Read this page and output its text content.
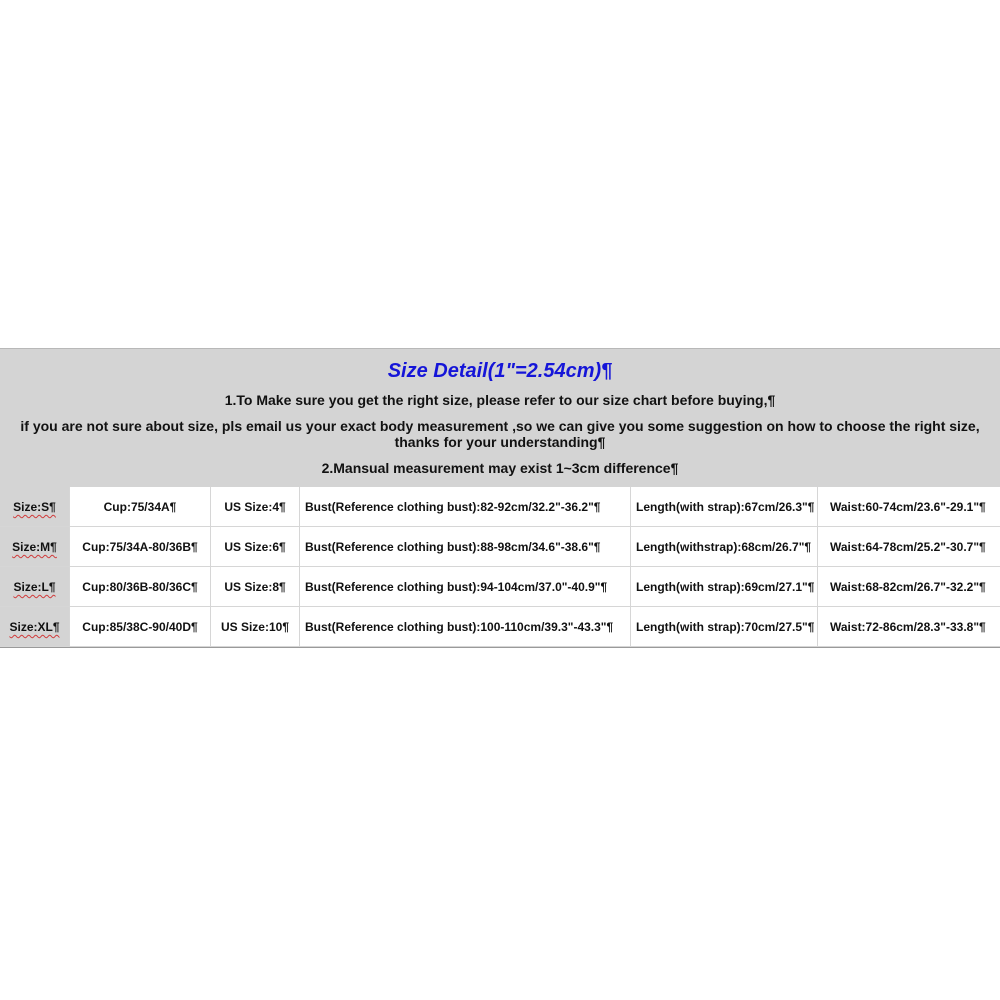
Size Detail(1"=2.54cm)¶
1.To Make sure you get the right size, please refer to our size chart before buying,¶
if you are not sure about size, pls email us your exact body measurement ,so we can give you some suggestion on how to choose the right size,
thanks for your understanding¶
2.Mansual measurement may exist 1~3cm difference¶
Size:S¶	Cup:75/34A¶	US Size:4¶	Bust(Reference clothing bust):82-92cm/32.2"-36.2"¶	Length(with strap):67cm/26.3"¶	Waist:60-74cm/23.6"-29.1"¶
Size:M¶	Cup:75/34A-80/36B¶	US Size:6¶	Bust(Reference clothing bust):88-98cm/34.6"-38.6"¶	Length(withstrap):68cm/26.7"¶	Waist:64-78cm/25.2"-30.7"¶
Size:L¶	Cup:80/36B-80/36C¶	US Size:8¶	Bust(Reference clothing bust):94-104cm/37.0"-40.9"¶	Length(with strap):69cm/27.1"¶	Waist:68-82cm/26.7"-32.2"¶
Size:XL¶	Cup:85/38C-90/40D¶	US Size:10¶	Bust(Reference clothing bust):100-110cm/39.3"-43.3"¶	Length(with strap):70cm/27.5"¶	Waist:72-86cm/28.3"-33.8"¶
